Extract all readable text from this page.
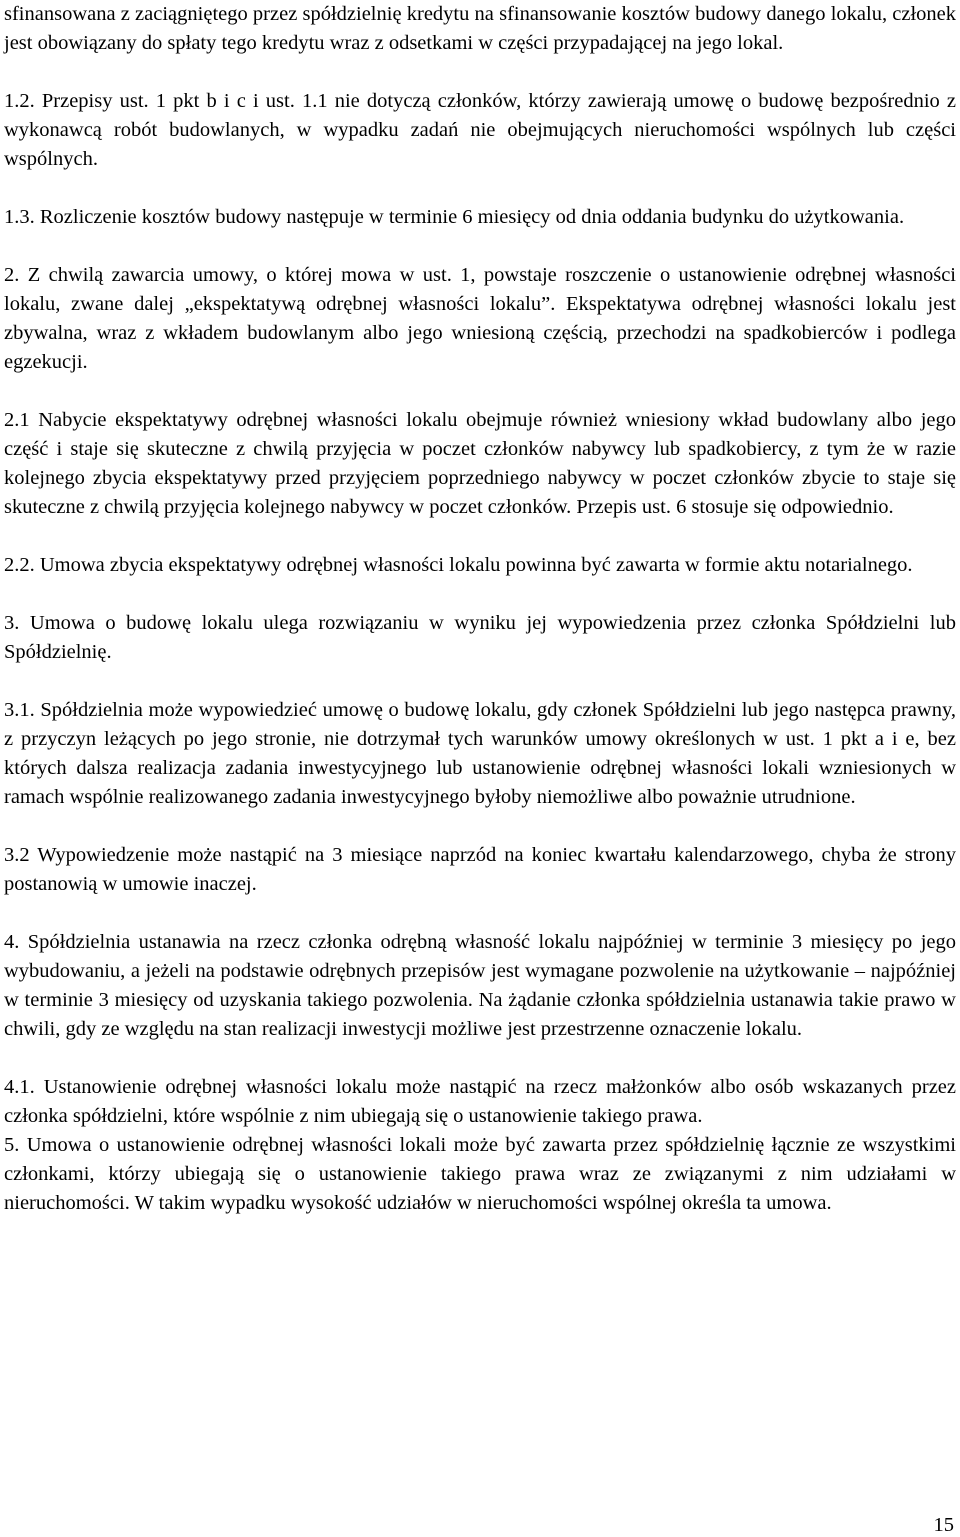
sfinansowana z zaciągniętego przez spółdzielnię kredytu na sfinansowanie kosztów budowy danego lokalu, członek jest obowiązany do spłaty tego kredytu wraz z odsetkami w części przypadającej na jego lokal.

1.2. Przepisy ust. 1 pkt b i c i ust. 1.1 nie dotyczą członków, którzy zawierają umowę o budowę bezpośrednio z wykonawcą robót budowlanych, w wypadku zadań nie obejmujących nieruchomości wspólnych lub części wspólnych.

1.3. Rozliczenie kosztów budowy następuje w terminie 6 miesięcy od dnia oddania budynku do użytkowania.

2. Z chwilą zawarcia umowy, o której mowa w ust. 1, powstaje roszczenie o ustanowienie odrębnej własności lokalu, zwane dalej „ekspektatywą odrębnej własności lokalu”. Ekspektatywa odrębnej własności lokalu jest zbywalna, wraz z wkładem budowlanym albo jego wniesioną częścią, przechodzi na spadkobierców i podlega egzekucji.

2.1 Nabycie ekspektatywy odrębnej własności lokalu obejmuje również wniesiony wkład budowlany albo jego część i staje się skuteczne z chwilą przyjęcia w poczet członków nabywcy lub spadkobiercy, z tym że w razie kolejnego zbycia ekspektatywy przed przyjęciem poprzedniego nabywcy w poczet członków zbycie to staje się skuteczne z chwilą przyjęcia kolejnego nabywcy w poczet członków. Przepis ust. 6 stosuje się odpowiednio.

2.2. Umowa zbycia ekspektatywy odrębnej własności lokalu powinna być zawarta w formie aktu notarialnego.

3. Umowa o budowę lokalu ulega rozwiązaniu w wyniku jej wypowiedzenia przez członka Spółdzielni lub Spółdzielnię.

3.1. Spółdzielnia może wypowiedzieć umowę o budowę lokalu, gdy członek Spółdzielni lub jego następca prawny, z przyczyn leżących po jego stronie, nie dotrzymał tych warunków umowy określonych w ust. 1 pkt a i e, bez których dalsza realizacja zadania inwestycyjnego lub ustanowienie odrębnej własności lokali wzniesionych w ramach wspólnie realizowanego zadania inwestycyjnego byłoby niemożliwe albo poważnie utrudnione.

3.2 Wypowiedzenie może nastąpić na 3 miesiące naprzód na koniec kwartału kalendarzowego, chyba że strony postanowią w umowie inaczej.

4. Spółdzielnia ustanawia na rzecz członka odrębną własność lokalu najpóźniej w terminie 3 miesięcy po jego wybudowaniu, a jeżeli na podstawie odrębnych przepisów jest wymagane pozwolenie na użytkowanie – najpóźniej w terminie 3 miesięcy od uzyskania takiego pozwolenia. Na żądanie członka spółdzielnia ustanawia takie prawo w chwili, gdy ze względu na stan realizacji inwestycji możliwe jest przestrzenne oznaczenie lokalu.

4.1. Ustanowienie odrębnej własności lokalu może nastąpić na rzecz małżonków albo osób wskazanych przez członka spółdzielni, które wspólnie z nim ubiegają się o ustanowienie takiego prawa.

5. Umowa o ustanowienie odrębnej własności lokali może być zawarta przez spółdzielnię łącznie ze wszystkimi członkami, którzy ubiegają się o ustanowienie takiego prawa wraz ze związanymi z nim udziałami w nieruchomości. W takim wypadku wysokość udziałów w nieruchomości wspólnej określa ta umowa.

15
